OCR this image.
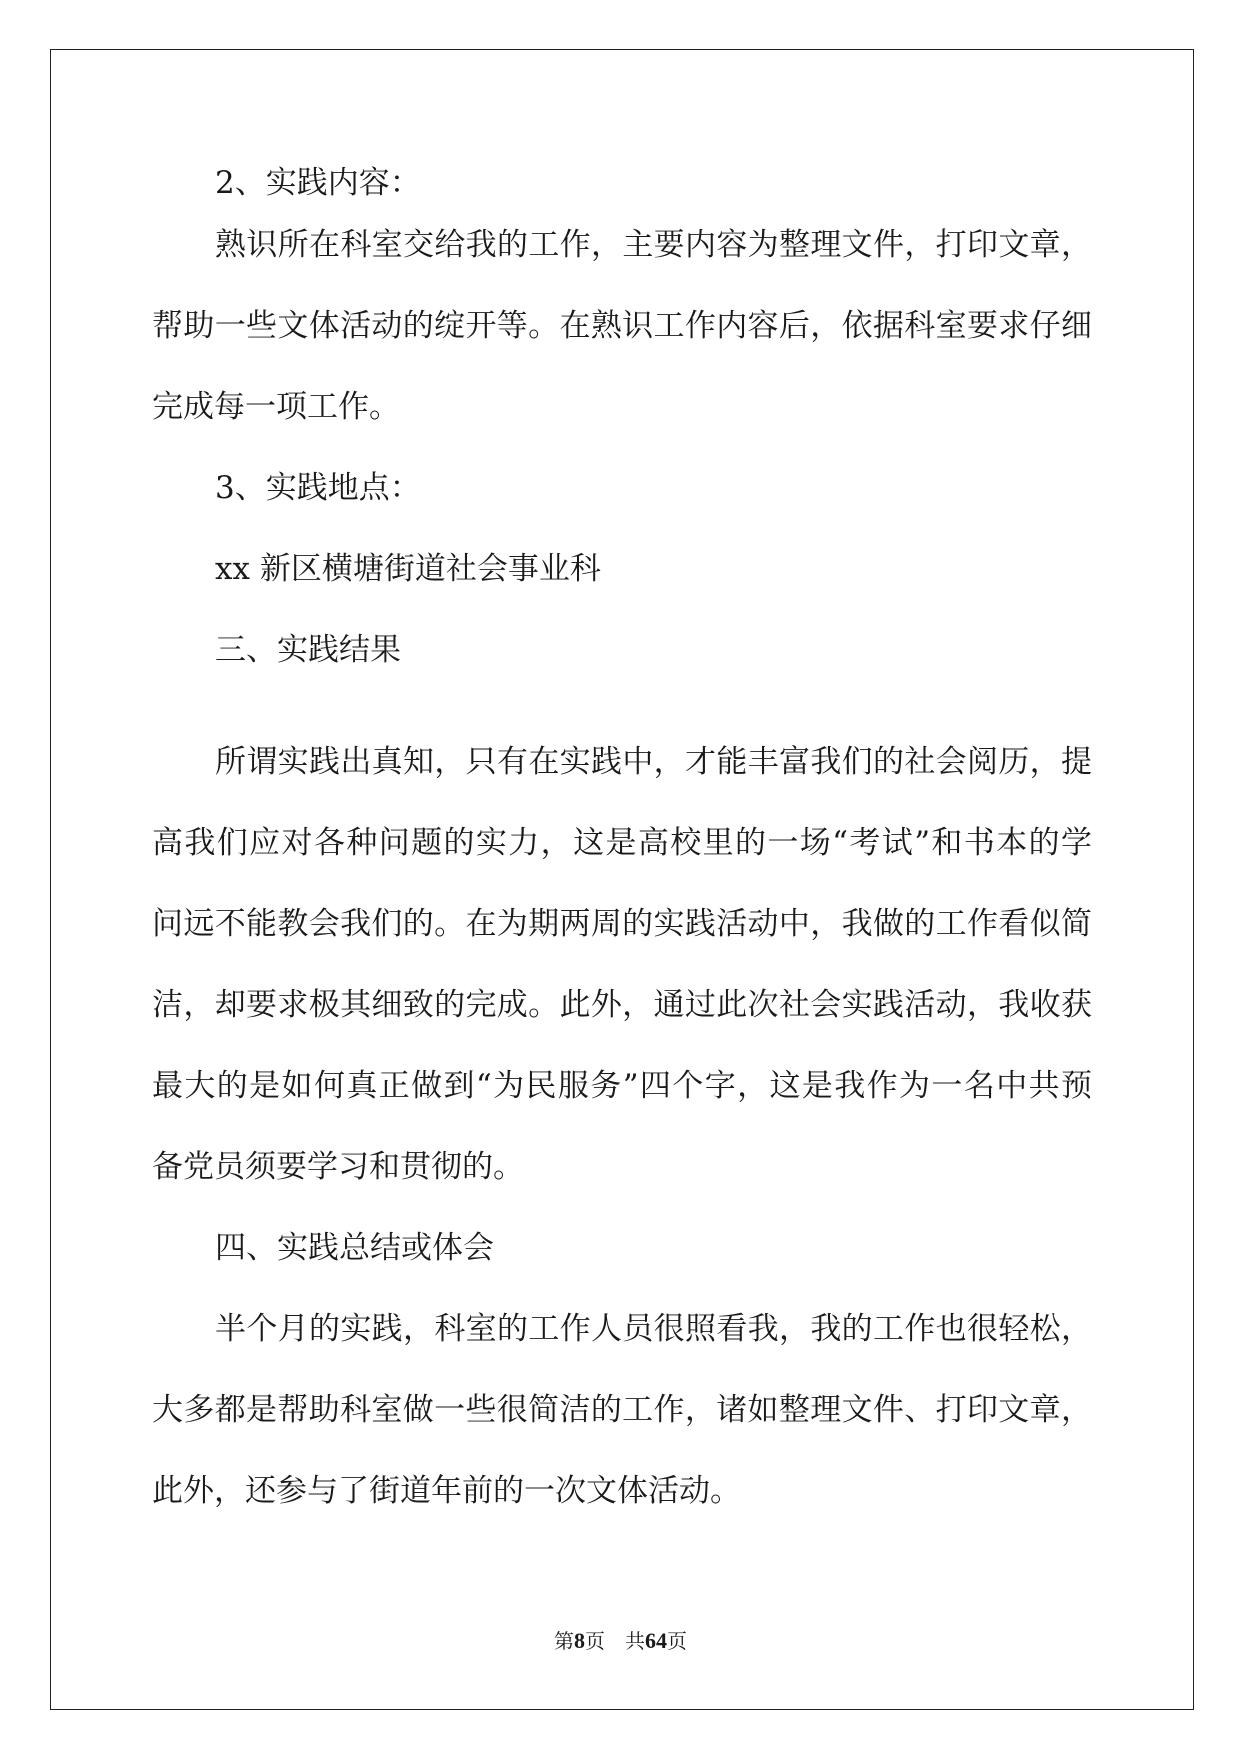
2、实践内容：

熟识所在科室交给我的工作，主要内容为整理文件，打印文章，

帮助一些文体活动的绽开等。在熟识工作内容后，依据科室要求仔细

完成每一项工作。

3、实践地点：

xx 新区横塘街道社会事业科

三、实践结果

所谓实践出真知，只有在实践中，才能丰富我们的社会阅历，提

高我们应对各种问题的实力，这是高校里的一场“考试”和书本的学

问远不能教会我们的。在为期两周的实践活动中，我做的工作看似简

洁，却要求极其细致的完成。此外，通过此次社会实践活动，我收获

最大的是如何真正做到“为民服务”四个字，这是我作为一名中共预

备党员须要学习和贯彻的。

四、实践总结或体会

半个月的实践，科室的工作人员很照看我，我的工作也很轻松，

大多都是帮助科室做一些很简洁的工作，诸如整理文件、打印文章，

此外，还参与了街道年前的一次文体活动。

第8页　共64页
